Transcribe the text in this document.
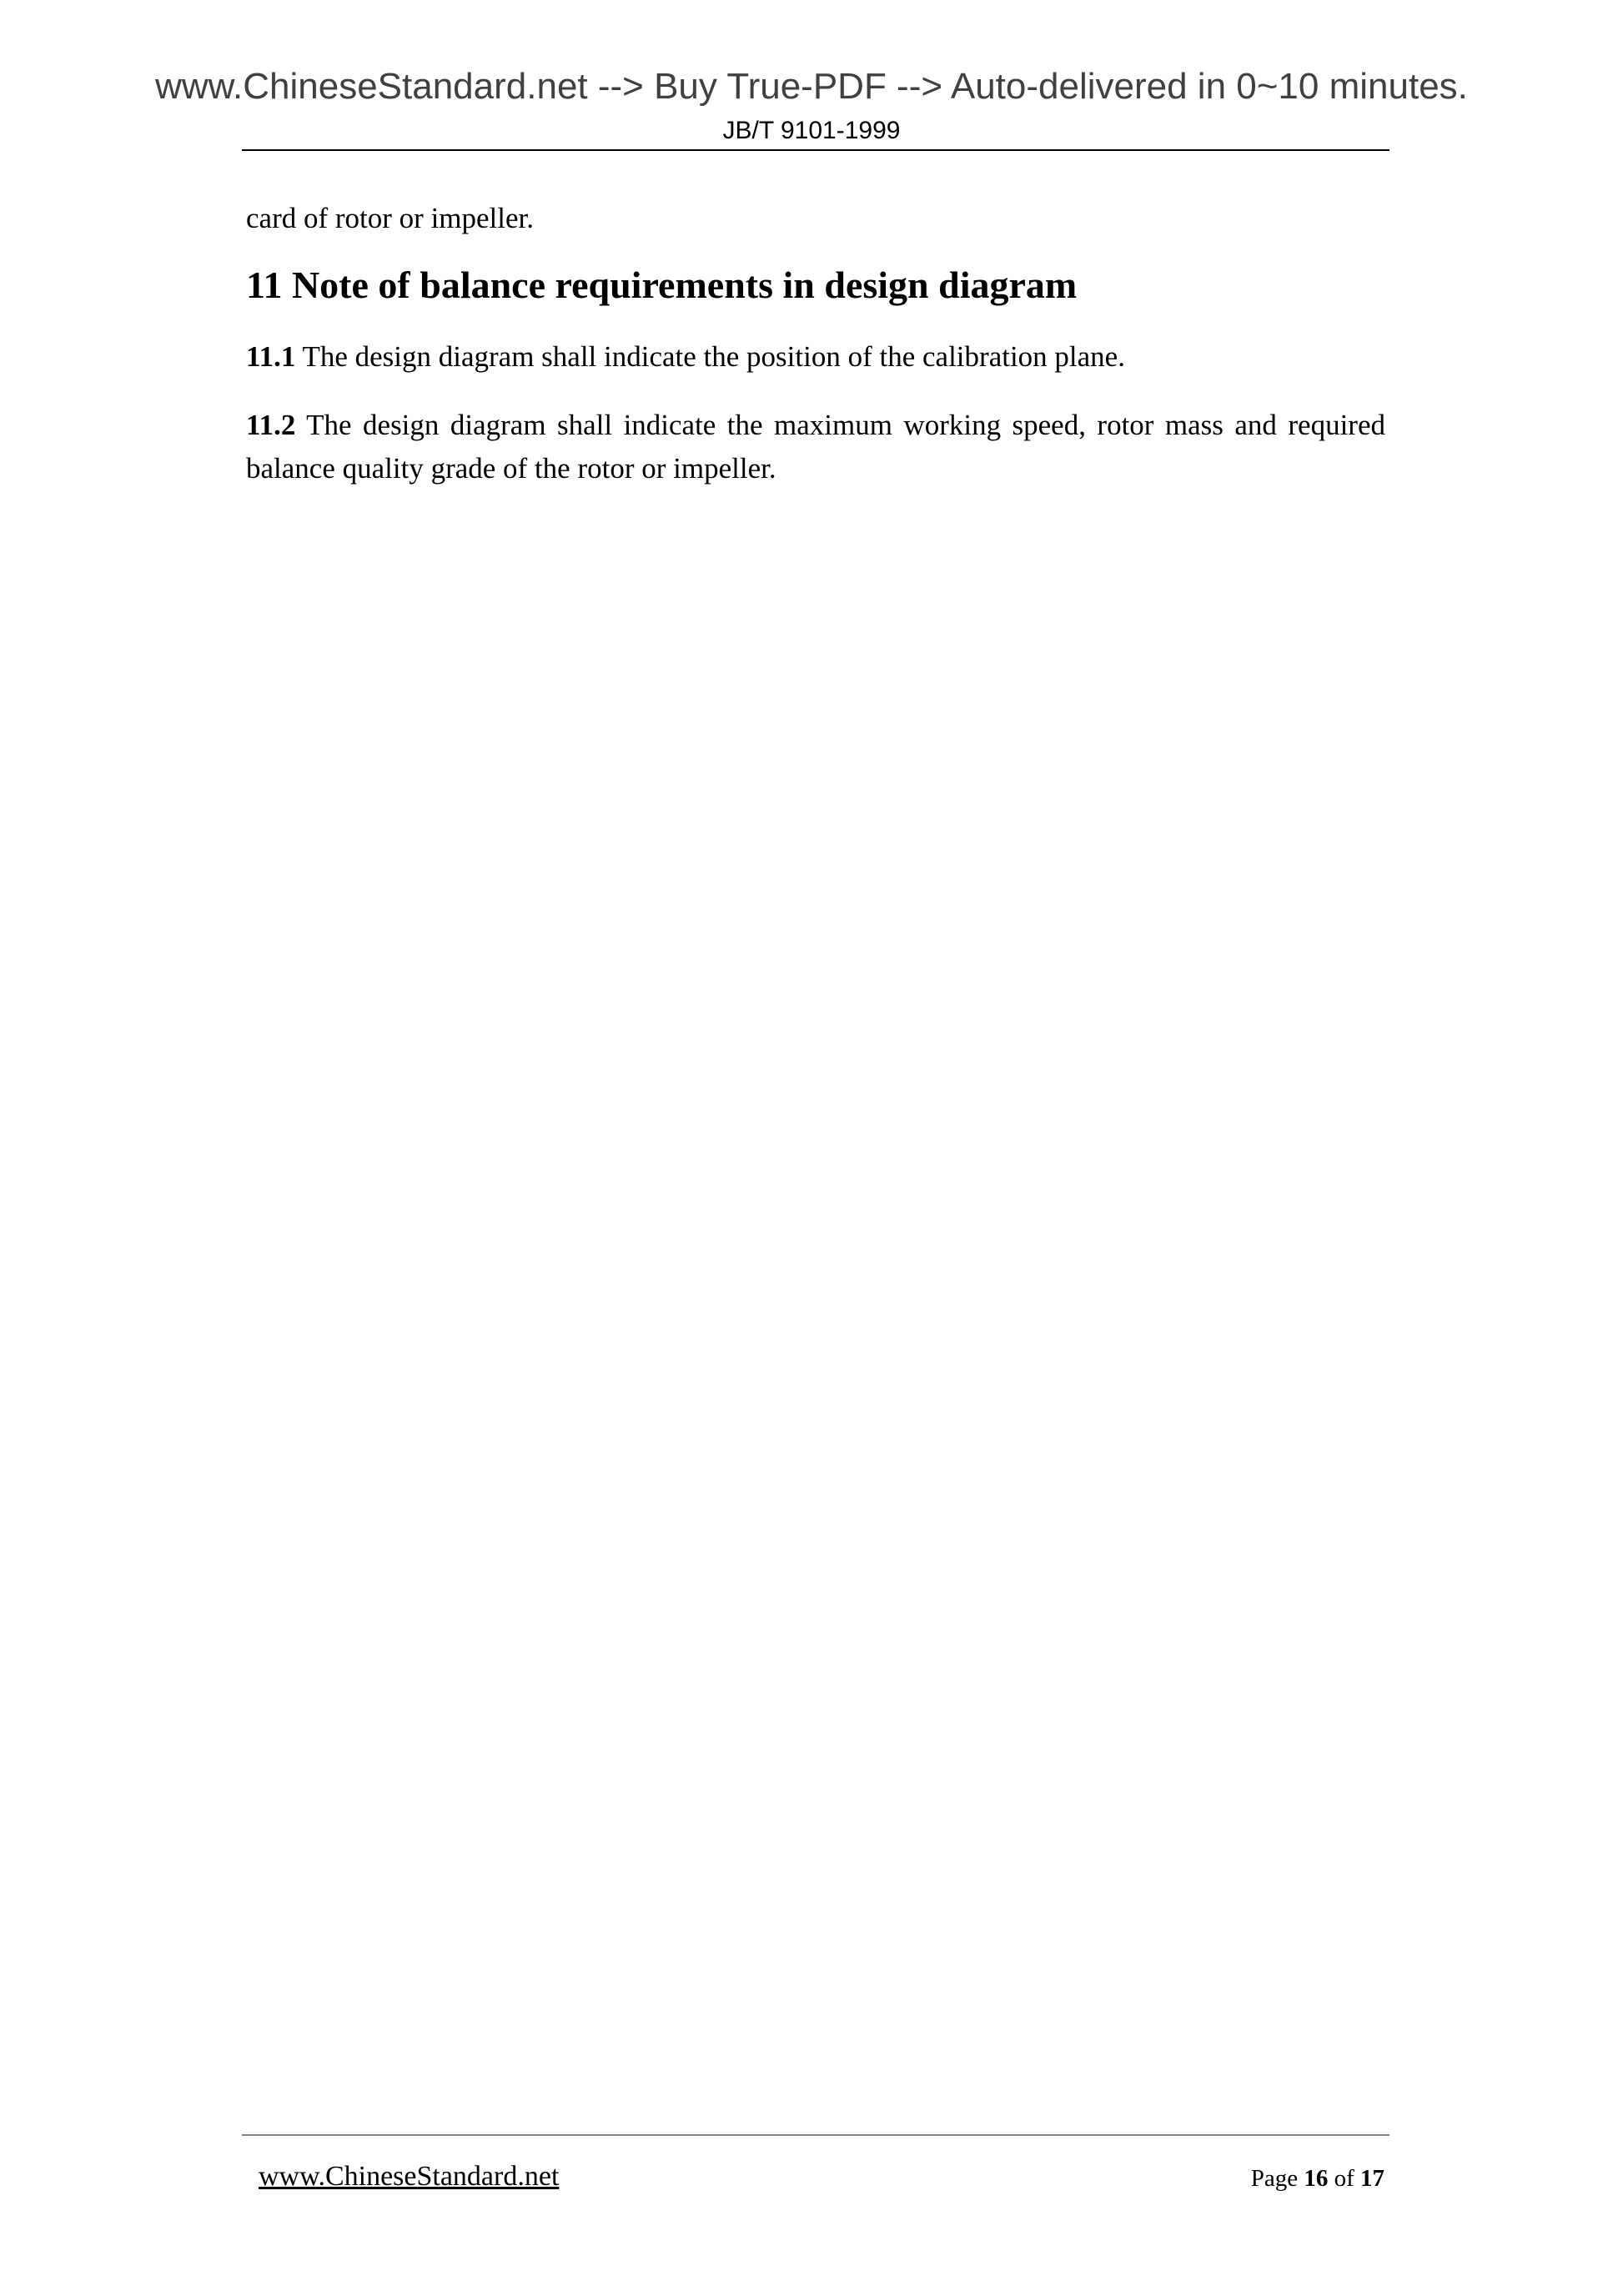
www.ChineseStandard.net --> Buy True-PDF --> Auto-delivered in 0~10 minutes.
JB/T 9101-1999

card of rotor or impeller.

11 Note of balance requirements in design diagram

11.1 The design diagram shall indicate the position of the calibration plane.

11.2 The design diagram shall indicate the maximum working speed, rotor mass and required balance quality grade of the rotor or impeller.

www.ChineseStandard.net	Page 16 of 17
